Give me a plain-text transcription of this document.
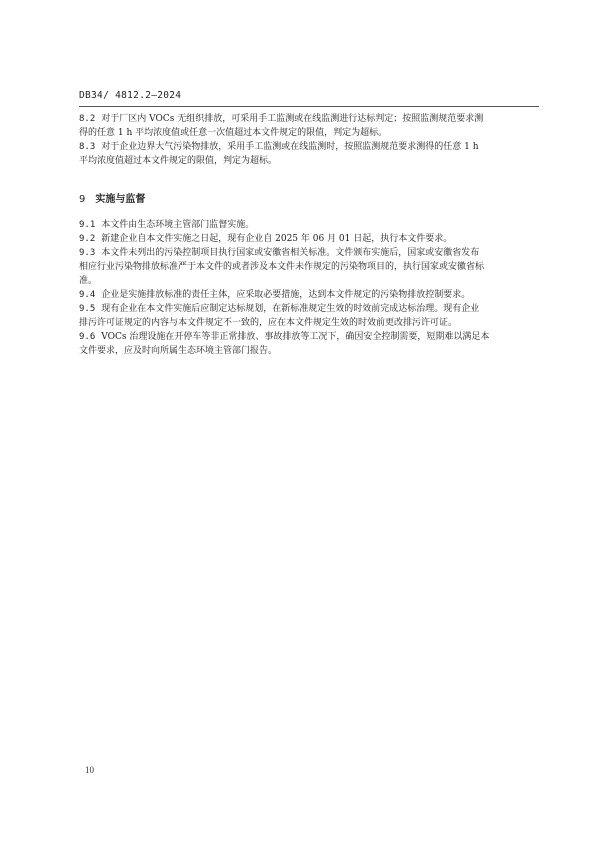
DB34/ 4812.2—2024

8.2 对于厂区内 VOCs 无组织排放，可采用手工监测或在线监测进行达标判定；按照监测规范要求测
得的任意 1 h 平均浓度值或任意一次值超过本文件规定的限值，判定为超标。

8.3 对于企业边界大气污染物排放，采用手工监测或在线监测时，按照监测规范要求测得的任意 1 h
平均浓度值超过本文件规定的限值，判定为超标。

9 实施与监督

9.1 本文件由生态环境主管部门监督实施。

9.2 新建企业自本文件实施之日起，现有企业自 2025 年 06 月 01 日起，执行本文件要求。

9.3 本文件未列出的污染控制项目执行国家或安徽省相关标准。文件颁布实施后，国家或安徽省发布
相应行业污染物排放标准严于本文件的或者涉及本文件未作规定的污染物项目的，执行国家或安徽省标
准。

9.4 企业是实施排放标准的责任主体，应采取必要措施，达到本文件规定的污染物排放控制要求。

9.5 现有企业在本文件实施后应制定达标规划，在新标准规定生效的时效前完成达标治理。现有企业
排污许可证规定的内容与本文件规定不一致的，应在本文件规定生效的时效前更改排污许可证。

9.6 VOCs 治理设施在开停车等非正常排放、事故排放等工况下，确因安全控制需要，短期难以满足本
文件要求，应及时向所属生态环境主管部门报告。

10
